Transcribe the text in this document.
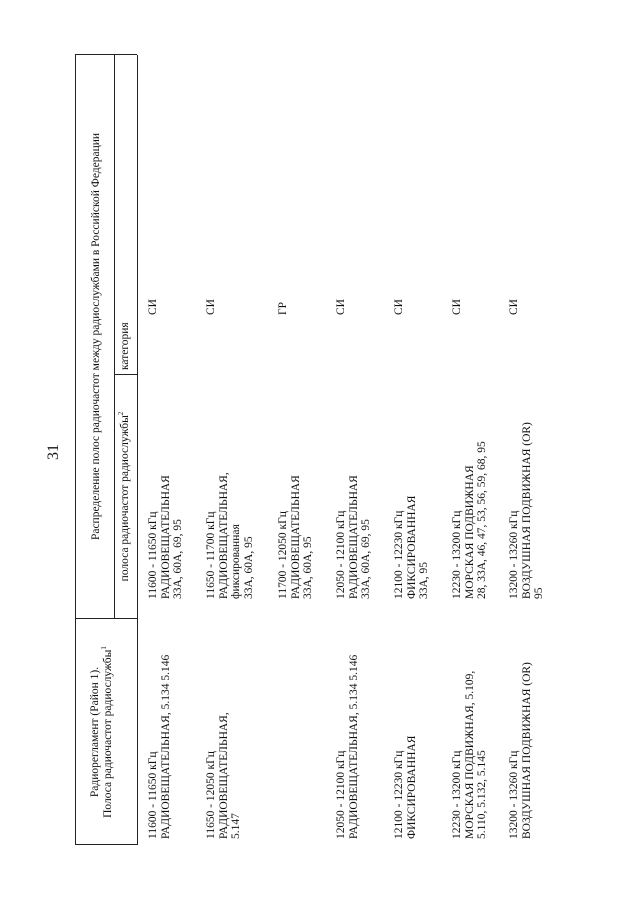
31
Радиорегламент (Район 1). Полоса радиочастот радиослужбы$^1$
Распределение полос радиочастот между радиослужбами в Российской Федерации полоса радиочастот радиослужбы$^2$
категория
11600 - 11650 кГц РАДИОВЕЩАТЕЛЬНАЯ, 5.134 5.146
11600 - 11650 кГц РАДИОВЕЩАТЕЛЬНАЯ 33А, 60А, 69, 95
СИ
11650 - 12050 кГц РАДИОВЕЩАТЕЛЬНАЯ, 5.147
11650 - 11700 кГц РАДИОВЕЩАТЕЛЬНАЯ, фиксированная 33А, 60А, 95
СИ
11700 - 12050 кГц РАДИОВЕЩАТЕЛЬНАЯ 33А, 60А, 95
ГР
12050 - 12100 кГц РАДИОВЕЩАТЕЛЬНАЯ, 5.134 5.146
12050 - 12100 кГц РАДИОВЕЩАТЕЛЬНАЯ 33А, 60А, 69, 95
СИ
12100 - 12230 кГц ФИКСИРОВАННАЯ
12100 - 12230 кГц ФИКСИРОВАННАЯ 33А, 95
СИ
12230 - 13200 кГц МОРСКАЯ ПОДВИЖНАЯ, 5.109, 5.110, 5.132, 5.145
12230 - 13200 кГц МОРСКАЯ ПОДВИЖНАЯ 28, 33А, 46, 47, 53, 56, 59, 68, 95
СИ
13200 - 13260 кГц ВОЗДУШНАЯ ПОДВИЖНАЯ (OR)
13200 - 13260 кГц ВОЗДУШНАЯ ПОДВИЖНАЯ (OR) 95
СИ
